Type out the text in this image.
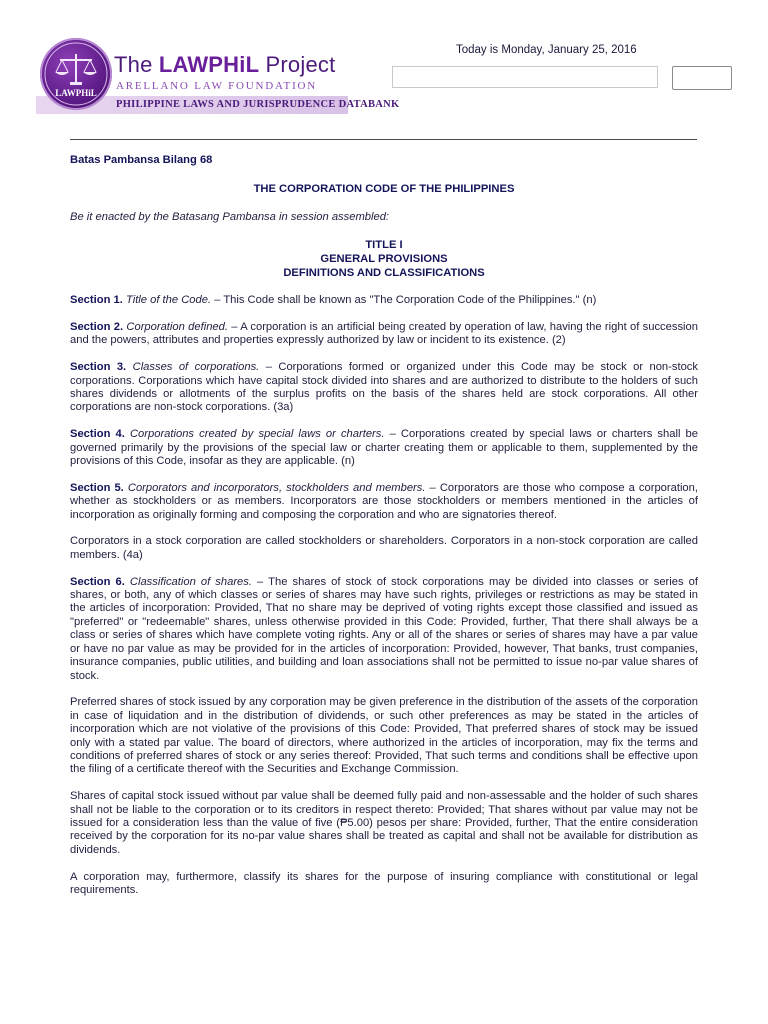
LAWPHiL
The LAWPHiL Project
ARELLANO LAW FOUNDATION
PHILIPPINE LAWS AND JURISPRUDENCE DATABANK
Today is Monday, January 25, 2016
Batas Pambansa Bilang 68
THE CORPORATION CODE OF THE PHILIPPINES
Be it enacted by the Batasang Pambansa in session assembled:
TITLE I
GENERAL PROVISIONS
DEFINITIONS AND CLASSIFICATIONS

Section 1. Title of the Code. – This Code shall be known as "The Corporation Code of the Philippines." (n)

Section 2. Corporation defined. – A corporation is an artificial being created by operation of law, having the right of succession and the powers, attributes and properties expressly authorized by law or incident to its existence. (2)

Section 3. Classes of corporations. – Corporations formed or organized under this Code may be stock or non-stock corporations. Corporations which have capital stock divided into shares and are authorized to distribute to the holders of such shares dividends or allotments of the surplus profits on the basis of the shares held are stock corporations. All other corporations are non-stock corporations. (3a)

Section 4. Corporations created by special laws or charters. – Corporations created by special laws or charters shall be governed primarily by the provisions of the special law or charter creating them or applicable to them, supplemented by the provisions of this Code, insofar as they are applicable. (n)

Section 5. Corporators and incorporators, stockholders and members. – Corporators are those who compose a corporation, whether as stockholders or as members. Incorporators are those stockholders or members mentioned in the articles of incorporation as originally forming and composing the corporation and who are signatories thereof.

Corporators in a stock corporation are called stockholders or shareholders. Corporators in a non-stock corporation are called members. (4a)

Section 6. Classification of shares. – The shares of stock of stock corporations may be divided into classes or series of shares, or both, any of which classes or series of shares may have such rights, privileges or restrictions as may be stated in the articles of incorporation: Provided, That no share may be deprived of voting rights except those classified and issued as "preferred" or "redeemable" shares, unless otherwise provided in this Code: Provided, further, That there shall always be a class or series of shares which have complete voting rights. Any or all of the shares or series of shares may have a par value or have no par value as may be provided for in the articles of incorporation: Provided, however, That banks, trust companies, insurance companies, public utilities, and building and loan associations shall not be permitted to issue no-par value shares of stock.

Preferred shares of stock issued by any corporation may be given preference in the distribution of the assets of the corporation in case of liquidation and in the distribution of dividends, or such other preferences as may be stated in the articles of incorporation which are not violative of the provisions of this Code: Provided, That preferred shares of stock may be issued only with a stated par value. The board of directors, where authorized in the articles of incorporation, may fix the terms and conditions of preferred shares of stock or any series thereof: Provided, That such terms and conditions shall be effective upon the filing of a certificate thereof with the Securities and Exchange Commission.

Shares of capital stock issued without par value shall be deemed fully paid and non-assessable and the holder of such shares shall not be liable to the corporation or to its creditors in respect thereto: Provided; That shares without par value may not be issued for a consideration less than the value of five (₱5.00) pesos per share: Provided, further, That the entire consideration received by the corporation for its no-par value shares shall be treated as capital and shall not be available for distribution as dividends.

A corporation may, furthermore, classify its shares for the purpose of insuring compliance with constitutional or legal requirements.
